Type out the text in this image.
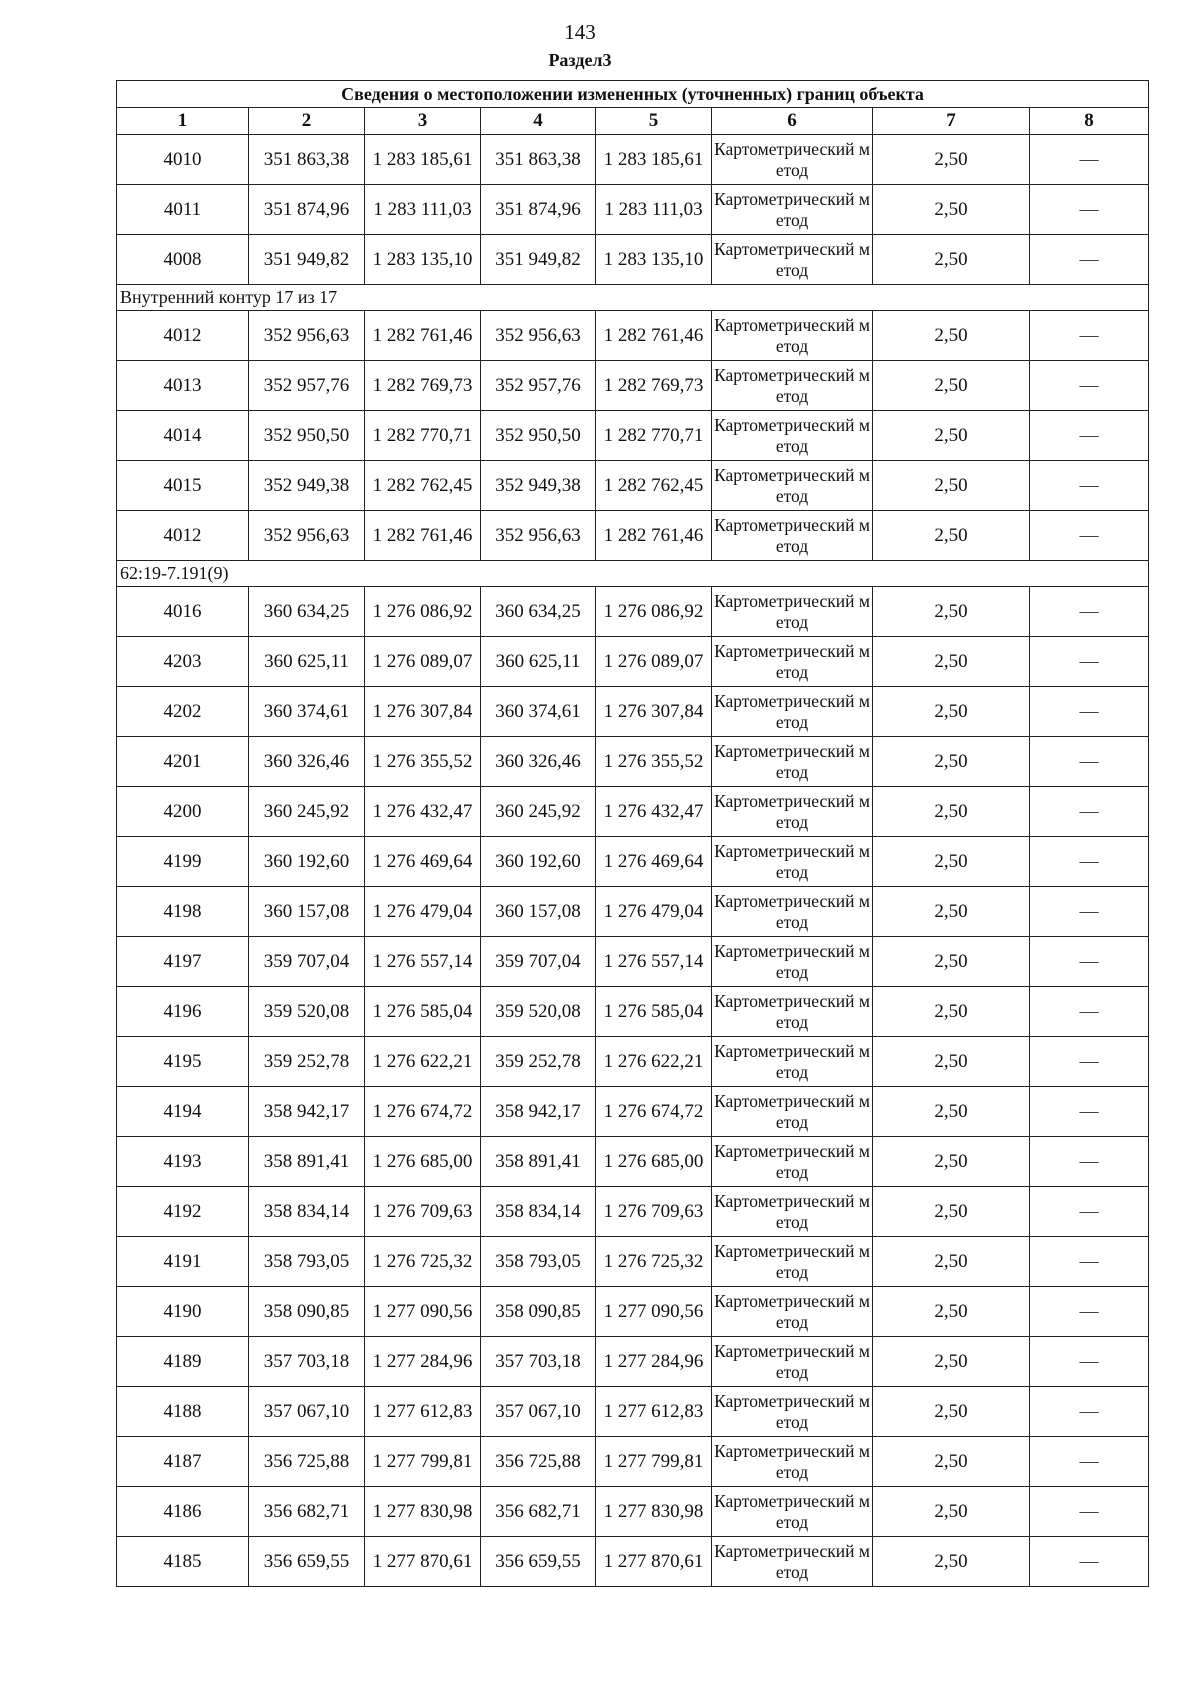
143
Раздел3
Сведения о местоположении измененных (уточненных) границ объекта							
1	2	3	4	5	6	7	8
4010	351 863,38	1 283 185,61	351 863,38	1 283 185,61	Картометрический метод	2,50	—
4011	351 874,96	1 283 111,03	351 874,96	1 283 111,03	Картометрический метод	2,50	—
4008	351 949,82	1 283 135,10	351 949,82	1 283 135,10	Картометрический метод	2,50	—
Внутренний контур 17 из 17							
4012	352 956,63	1 282 761,46	352 956,63	1 282 761,46	Картометрический метод	2,50	—
4013	352 957,76	1 282 769,73	352 957,76	1 282 769,73	Картометрический метод	2,50	—
4014	352 950,50	1 282 770,71	352 950,50	1 282 770,71	Картометрический метод	2,50	—
4015	352 949,38	1 282 762,45	352 949,38	1 282 762,45	Картометрический метод	2,50	—
4012	352 956,63	1 282 761,46	352 956,63	1 282 761,46	Картометрический метод	2,50	—
62:19-7.191(9)							
4016	360 634,25	1 276 086,92	360 634,25	1 276 086,92	Картометрический метод	2,50	—
4203	360 625,11	1 276 089,07	360 625,11	1 276 089,07	Картометрический метод	2,50	—
4202	360 374,61	1 276 307,84	360 374,61	1 276 307,84	Картометрический метод	2,50	—
4201	360 326,46	1 276 355,52	360 326,46	1 276 355,52	Картометрический метод	2,50	—
4200	360 245,92	1 276 432,47	360 245,92	1 276 432,47	Картометрический метод	2,50	—
4199	360 192,60	1 276 469,64	360 192,60	1 276 469,64	Картометрический метод	2,50	—
4198	360 157,08	1 276 479,04	360 157,08	1 276 479,04	Картометрический метод	2,50	—
4197	359 707,04	1 276 557,14	359 707,04	1 276 557,14	Картометрический метод	2,50	—
4196	359 520,08	1 276 585,04	359 520,08	1 276 585,04	Картометрический метод	2,50	—
4195	359 252,78	1 276 622,21	359 252,78	1 276 622,21	Картометрический метод	2,50	—
4194	358 942,17	1 276 674,72	358 942,17	1 276 674,72	Картометрический метод	2,50	—
4193	358 891,41	1 276 685,00	358 891,41	1 276 685,00	Картометрический метод	2,50	—
4192	358 834,14	1 276 709,63	358 834,14	1 276 709,63	Картометрический метод	2,50	—
4191	358 793,05	1 276 725,32	358 793,05	1 276 725,32	Картометрический метод	2,50	—
4190	358 090,85	1 277 090,56	358 090,85	1 277 090,56	Картометрический метод	2,50	—
4189	357 703,18	1 277 284,96	357 703,18	1 277 284,96	Картометрический метод	2,50	—
4188	357 067,10	1 277 612,83	357 067,10	1 277 612,83	Картометрический метод	2,50	—
4187	356 725,88	1 277 799,81	356 725,88	1 277 799,81	Картометрический метод	2,50	—
4186	356 682,71	1 277 830,98	356 682,71	1 277 830,98	Картометрический метод	2,50	—
4185	356 659,55	1 277 870,61	356 659,55	1 277 870,61	Картометрический метод	2,50	—
